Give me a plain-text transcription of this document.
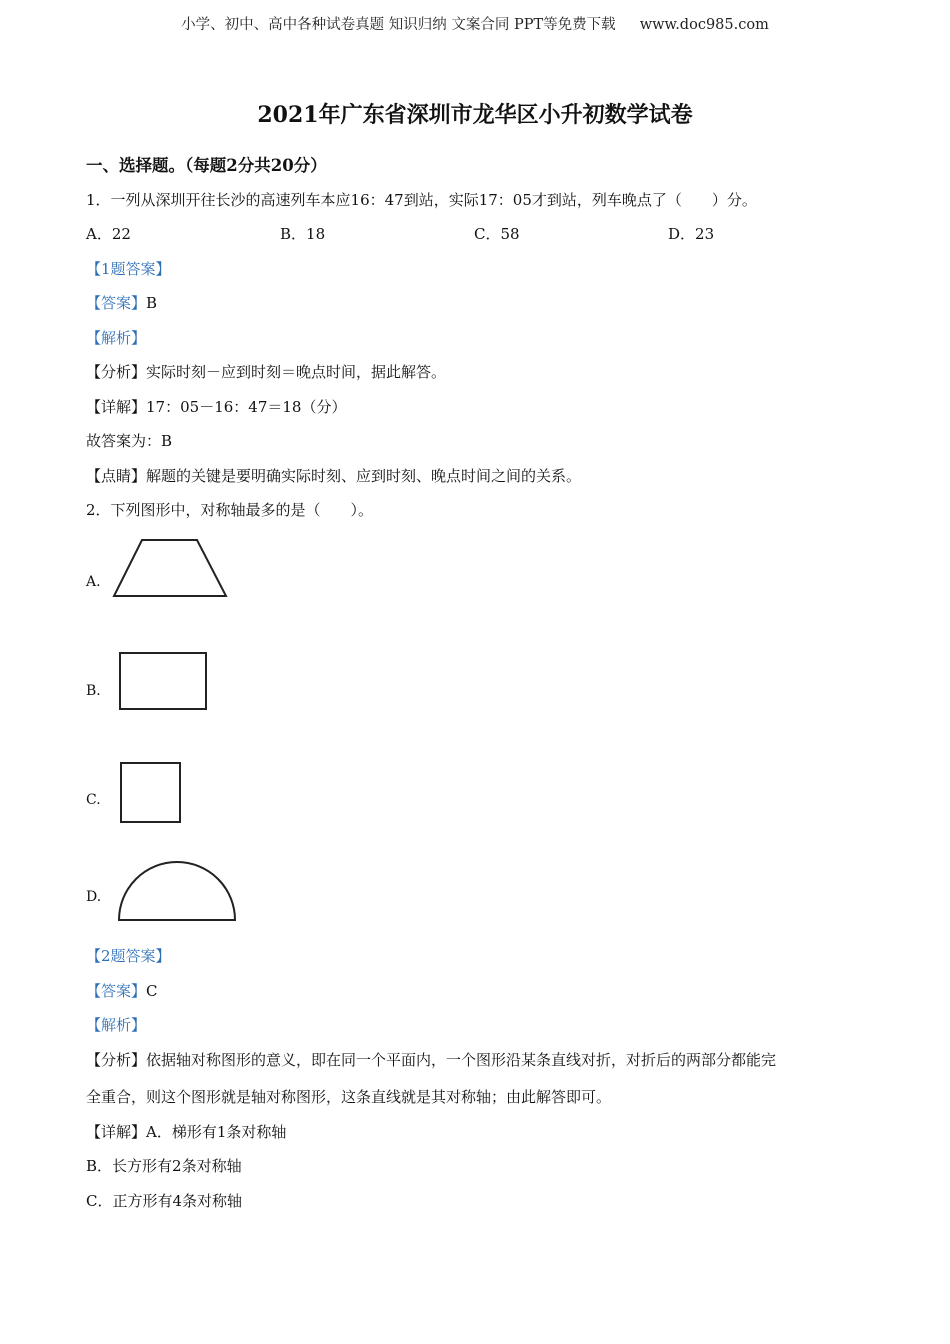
小学、初中、高中各种试卷真题 知识归纳 文案合同 PPT等免费下载 www.doc985.com
2021年广东省深圳市龙华区小升初数学试卷
一、选择题。（每题2分共20分）
1．一列从深圳开往长沙的高速列车本应16：47到站，实际17：05才到站，列车晚点了（　　）分。
A．22	B．18	C．58	D．23
【1题答案】
【答案】B
【解析】
【分析】实际时刻－应到时刻＝晚点时间，据此解答。
【详解】17：05－16：47＝18（分）
故答案为：B
【点睛】解题的关键是要明确实际时刻、应到时刻、晚点时间之间的关系。
2．下列图形中，对称轴最多的是（　　）。
A.
B.
C.
D.
【2题答案】
【答案】C
【解析】
【分析】依据轴对称图形的意义，即在同一个平面内，一个图形沿某条直线对折，对折后的两部分都能完
全重合，则这个图形就是轴对称图形，这条直线就是其对称轴；由此解答即可。
【详解】A．梯形有1条对称轴
B．长方形有2条对称轴
C．正方形有4条对称轴
